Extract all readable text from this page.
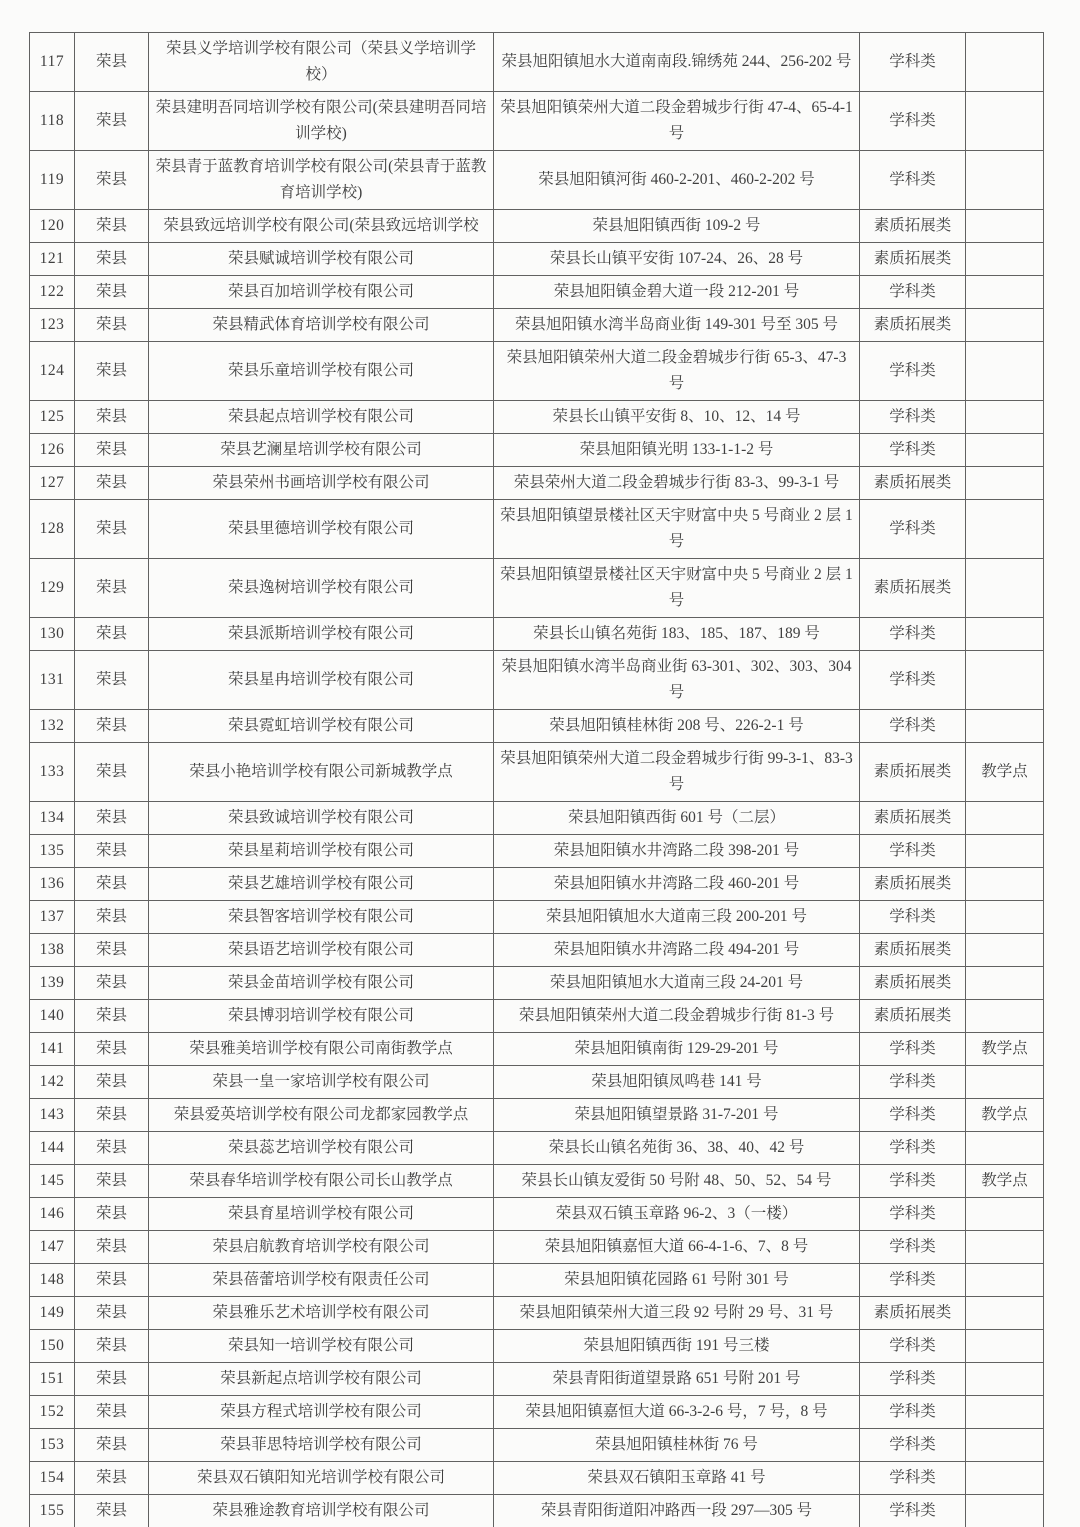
117	荣县	荣县义学培训学校有限公司（荣县义学培训学校）	荣县旭阳镇旭水大道南南段.锦绣苑 244、256-202 号	学科类	
118	荣县	荣县建明吾同培训学校有限公司(荣县建明吾同培训学校)	荣县旭阳镇荣州大道二段金碧城步行街 47-4、65-4-1 号	学科类	
119	荣县	荣县青于蓝教育培训学校有限公司(荣县青于蓝教育培训学校)	荣县旭阳镇河街 460-2-201、460-2-202 号	学科类	
120	荣县	荣县致远培训学校有限公司(荣县致远培训学校	荣县旭阳镇西街 109-2 号	素质拓展类	
121	荣县	荣县赋诚培训学校有限公司	荣县长山镇平安街 107-24、26、28 号	素质拓展类	
122	荣县	荣县百加培训学校有限公司	荣县旭阳镇金碧大道一段 212-201 号	学科类	
123	荣县	荣县精武体育培训学校有限公司	荣县旭阳镇水湾半岛商业街 149-301 号至 305 号	素质拓展类	
124	荣县	荣县乐童培训学校有限公司	荣县旭阳镇荣州大道二段金碧城步行街 65-3、47-3 号	学科类	
125	荣县	荣县起点培训学校有限公司	荣县长山镇平安街 8、10、12、14 号	学科类	
126	荣县	荣县艺澜星培训学校有限公司	荣县旭阳镇光明 133-1-1-2 号	学科类	
127	荣县	荣县荣州书画培训学校有限公司	荣县荣州大道二段金碧城步行街 83-3、99-3-1 号	素质拓展类	
128	荣县	荣县里德培训学校有限公司	荣县旭阳镇望景楼社区天宇财富中央 5 号商业 2 层 1 号	学科类	
129	荣县	荣县逸树培训学校有限公司	荣县旭阳镇望景楼社区天宇财富中央 5 号商业 2 层 1 号	素质拓展类	
130	荣县	荣县派斯培训学校有限公司	荣县长山镇名苑街 183、185、187、189 号	学科类	
131	荣县	荣县星冉培训学校有限公司	荣县旭阳镇水湾半岛商业街 63-301、302、303、304 号	学科类	
132	荣县	荣县霓虹培训学校有限公司	荣县旭阳镇桂林街 208 号、226-2-1 号	学科类	
133	荣县	荣县小艳培训学校有限公司新城教学点	荣县旭阳镇荣州大道二段金碧城步行街 99-3-1、83-3 号	素质拓展类	教学点
134	荣县	荣县致诚培训学校有限公司	荣县旭阳镇西街 601 号（二层）	素质拓展类	
135	荣县	荣县星莉培训学校有限公司	荣县旭阳镇水井湾路二段 398-201 号	学科类	
136	荣县	荣县艺雄培训学校有限公司	荣县旭阳镇水井湾路二段 460-201 号	素质拓展类	
137	荣县	荣县智客培训学校有限公司	荣县旭阳镇旭水大道南三段 200-201 号	学科类	
138	荣县	荣县语艺培训学校有限公司	荣县旭阳镇水井湾路二段 494-201 号	素质拓展类	
139	荣县	荣县金苗培训学校有限公司	荣县旭阳镇旭水大道南三段 24-201 号	素质拓展类	
140	荣县	荣县博羽培训学校有限公司	荣县旭阳镇荣州大道二段金碧城步行街 81-3 号	素质拓展类	
141	荣县	荣县雅美培训学校有限公司南街教学点	荣县旭阳镇南街 129-29-201 号	学科类	教学点
142	荣县	荣县一皇一家培训学校有限公司	荣县旭阳镇凤鸣巷 141 号	学科类	
143	荣县	荣县爱英培训学校有限公司龙都家园教学点	荣县旭阳镇望景路 31-7-201 号	学科类	教学点
144	荣县	荣县蕊艺培训学校有限公司	荣县长山镇名苑街 36、38、40、42 号	学科类	
145	荣县	荣县春华培训学校有限公司长山教学点	荣县长山镇友爱街 50 号附 48、50、52、54 号	学科类	教学点
146	荣县	荣县育星培训学校有限公司	荣县双石镇玉章路 96-2、3（一楼）	学科类	
147	荣县	荣县启航教育培训学校有限公司	荣县旭阳镇嘉恒大道 66-4-1-6、7、8 号	学科类	
148	荣县	荣县蓓蕾培训学校有限责任公司	荣县旭阳镇花园路 61 号附 301 号	学科类	
149	荣县	荣县雅乐艺术培训学校有限公司	荣县旭阳镇荣州大道三段 92 号附 29 号、31 号	素质拓展类	
150	荣县	荣县知一培训学校有限公司	荣县旭阳镇西街 191 号三楼	学科类	
151	荣县	荣县新起点培训学校有限公司	荣县青阳街道望景路 651 号附 201 号	学科类	
152	荣县	荣县方程式培训学校有限公司	荣县旭阳镇嘉恒大道 66-3-2-6 号，7 号，8 号	学科类	
153	荣县	荣县菲思特培训学校有限公司	荣县旭阳镇桂林街 76 号	学科类	
154	荣县	荣县双石镇阳知光培训学校有限公司	荣县双石镇阳玉章路 41 号	学科类	
155	荣县	荣县雅途教育培训学校有限公司	荣县青阳街道阳冲路西一段 297—305 号	学科类	
